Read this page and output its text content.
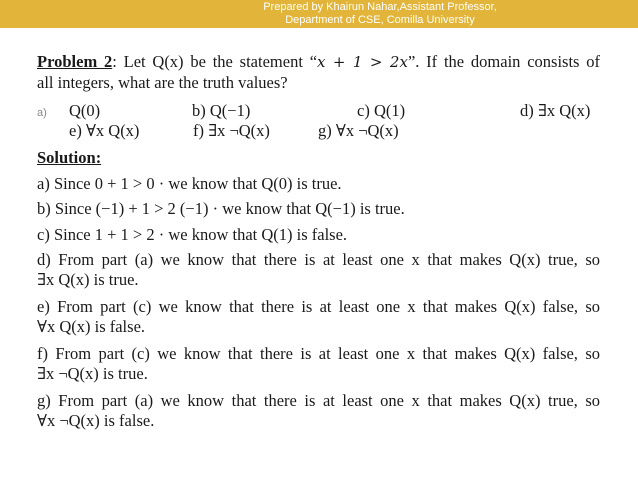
Prepared by Khairun Nahar,Assistant Professor,
Department of CSE, Comilla University
Problem 2: Let Q(x) be the statement “x + 1 > 2x”. If the domain consists of
all integers, what are the truth values?
a) Q(0)	b) Q(−1)	c) Q(1)	d) ∃x Q(x)
e) ∀x Q(x)	f) ∃x ¬Q(x)	g) ∀x ¬Q(x)
Solution:
a) Since 0 + 1 > 0 · we know that Q(0) is true.
b) Since (−1) + 1 > 2 (−1) · we know that Q(−1) is true.
c) Since 1 + 1 > 2 · we know that Q(1) is false.
d) From part (a) we know that there is at least one x that makes Q(x) true, so
∃x Q(x) is true.
e) From part (c) we know that there is at least one x that makes Q(x) false, so
∀x Q(x) is false.
f) From part (c) we know that there is at least one x that makes Q(x) false, so
∃x ¬Q(x) is true.
g) From part (a) we know that there is at least one x that makes Q(x) true, so
∀x ¬Q(x) is false.
